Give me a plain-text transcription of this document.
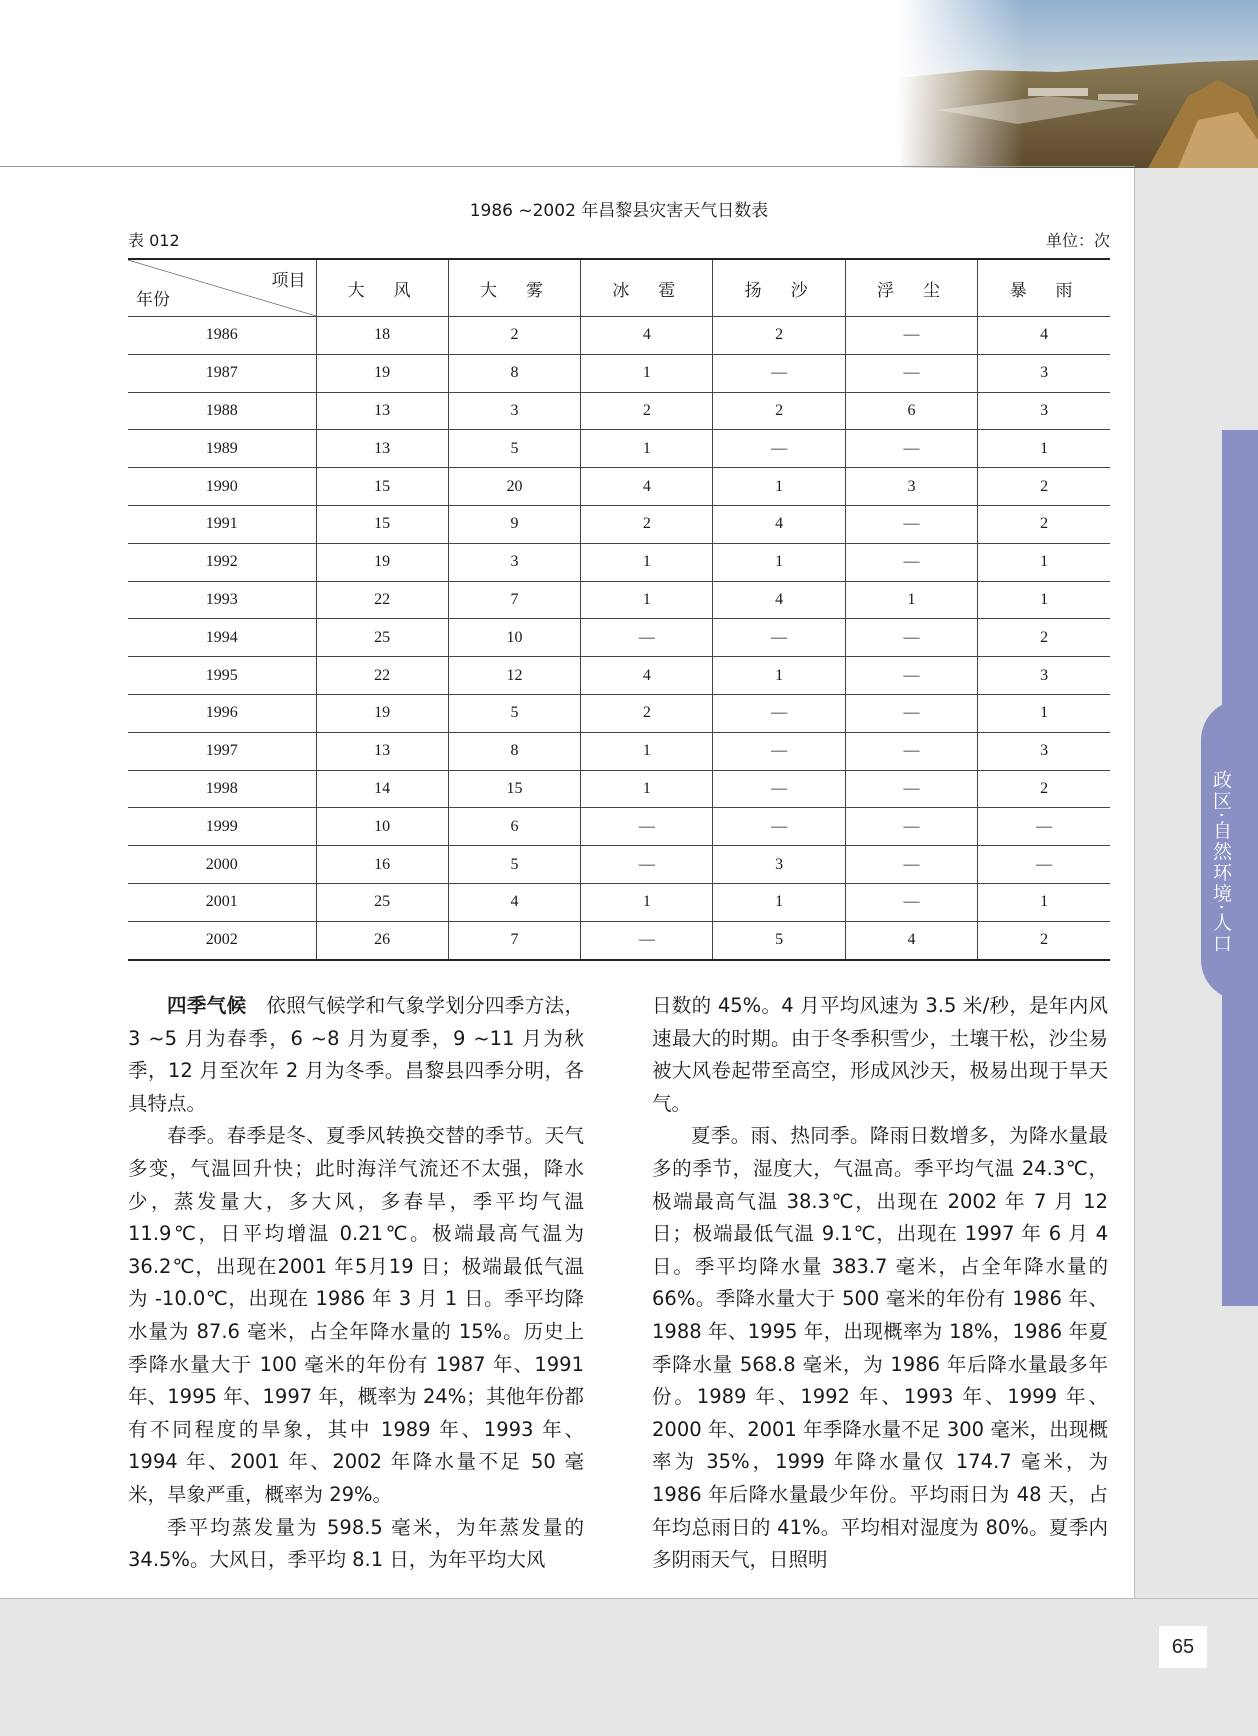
政区·自然环境·人口
65
1986 ~2002 年昌黎县灾害天气日数表
表 012	单位：次
项目
年份	大　风	大　雾	冰　雹	扬　沙	浮　尘	暴　雨
1986	18	2	4	2	—	4
1987	19	8	1	—	—	3
1988	13	3	2	2	6	3
1989	13	5	1	—	—	1
1990	15	20	4	1	3	2
1991	15	9	2	4	—	2
1992	19	3	1	1	—	1
1993	22	7	1	4	1	1
1994	25	10	—	—	—	2
1995	22	12	4	1	—	3
1996	19	5	2	—	—	1
1997	13	8	1	—	—	3
1998	14	15	1	—	—	2
1999	10	6	—	—	—	—
2000	16	5	—	3	—	—
2001	25	4	1	1	—	1
2002	26	7	—	5	4	2

四季气候　依照气候学和气象学划分四季方法，3 ~5 月为春季，6 ~8 月为夏季，9 ~11 月为秋季，12 月至次年 2 月为冬季。昌黎县四季分明，各具特点。

春季。春季是冬、夏季风转换交替的季节。天气多变，气温回升快；此时海洋气流还不太强，降水少，蒸发量大，多大风，多春旱，季平均气温 11.9℃，日平均增温 0.21℃。极端最高气温为36.2℃，出现在2001 年5月19 日；极端最低气温为 -10.0℃，出现在 1986 年 3 月 1 日。季平均降水量为 87.6 毫米，占全年降水量的 15%。历史上季降水量大于 100 毫米的年份有 1987 年、1991 年、1995 年、1997 年，概率为 24%；其他年份都有不同程度的旱象，其中 1989 年、1993 年、1994 年、2001 年、2002 年降水量不足 50 毫米，旱象严重，概率为 29%。

季平均蒸发量为 598.5 毫米，为年蒸发量的 34.5%。大风日，季平均 8.1 日，为年平均大风

日数的 45%。4 月平均风速为 3.5 米/秒，是年内风速最大的时期。由于冬季积雪少，土壤干松，沙尘易被大风卷起带至高空，形成风沙天，极易出现于旱天气。

夏季。雨、热同季。降雨日数增多，为降水量最多的季节，湿度大，气温高。季平均气温 24.3℃，极端最高气温 38.3℃，出现在 2002 年 7 月 12 日；极端最低气温 9.1℃，出现在 1997 年 6 月 4 日。季平均降水量 383.7 毫米，占全年降水量的 66%。季降水量大于 500 毫米的年份有 1986 年、1988 年、1995 年，出现概率为 18%，1986 年夏季降水量 568.8 毫米，为 1986 年后降水量最多年份。1989 年、1992 年、1993 年、1999 年、2000 年、2001 年季降水量不足 300 毫米，出现概率为 35%，1999 年降水量仅 174.7 毫米，为 1986 年后降水量最少年份。平均雨日为 48 天，占年均总雨日的 41%。平均相对湿度为 80%。夏季内多阴雨天气，日照明
